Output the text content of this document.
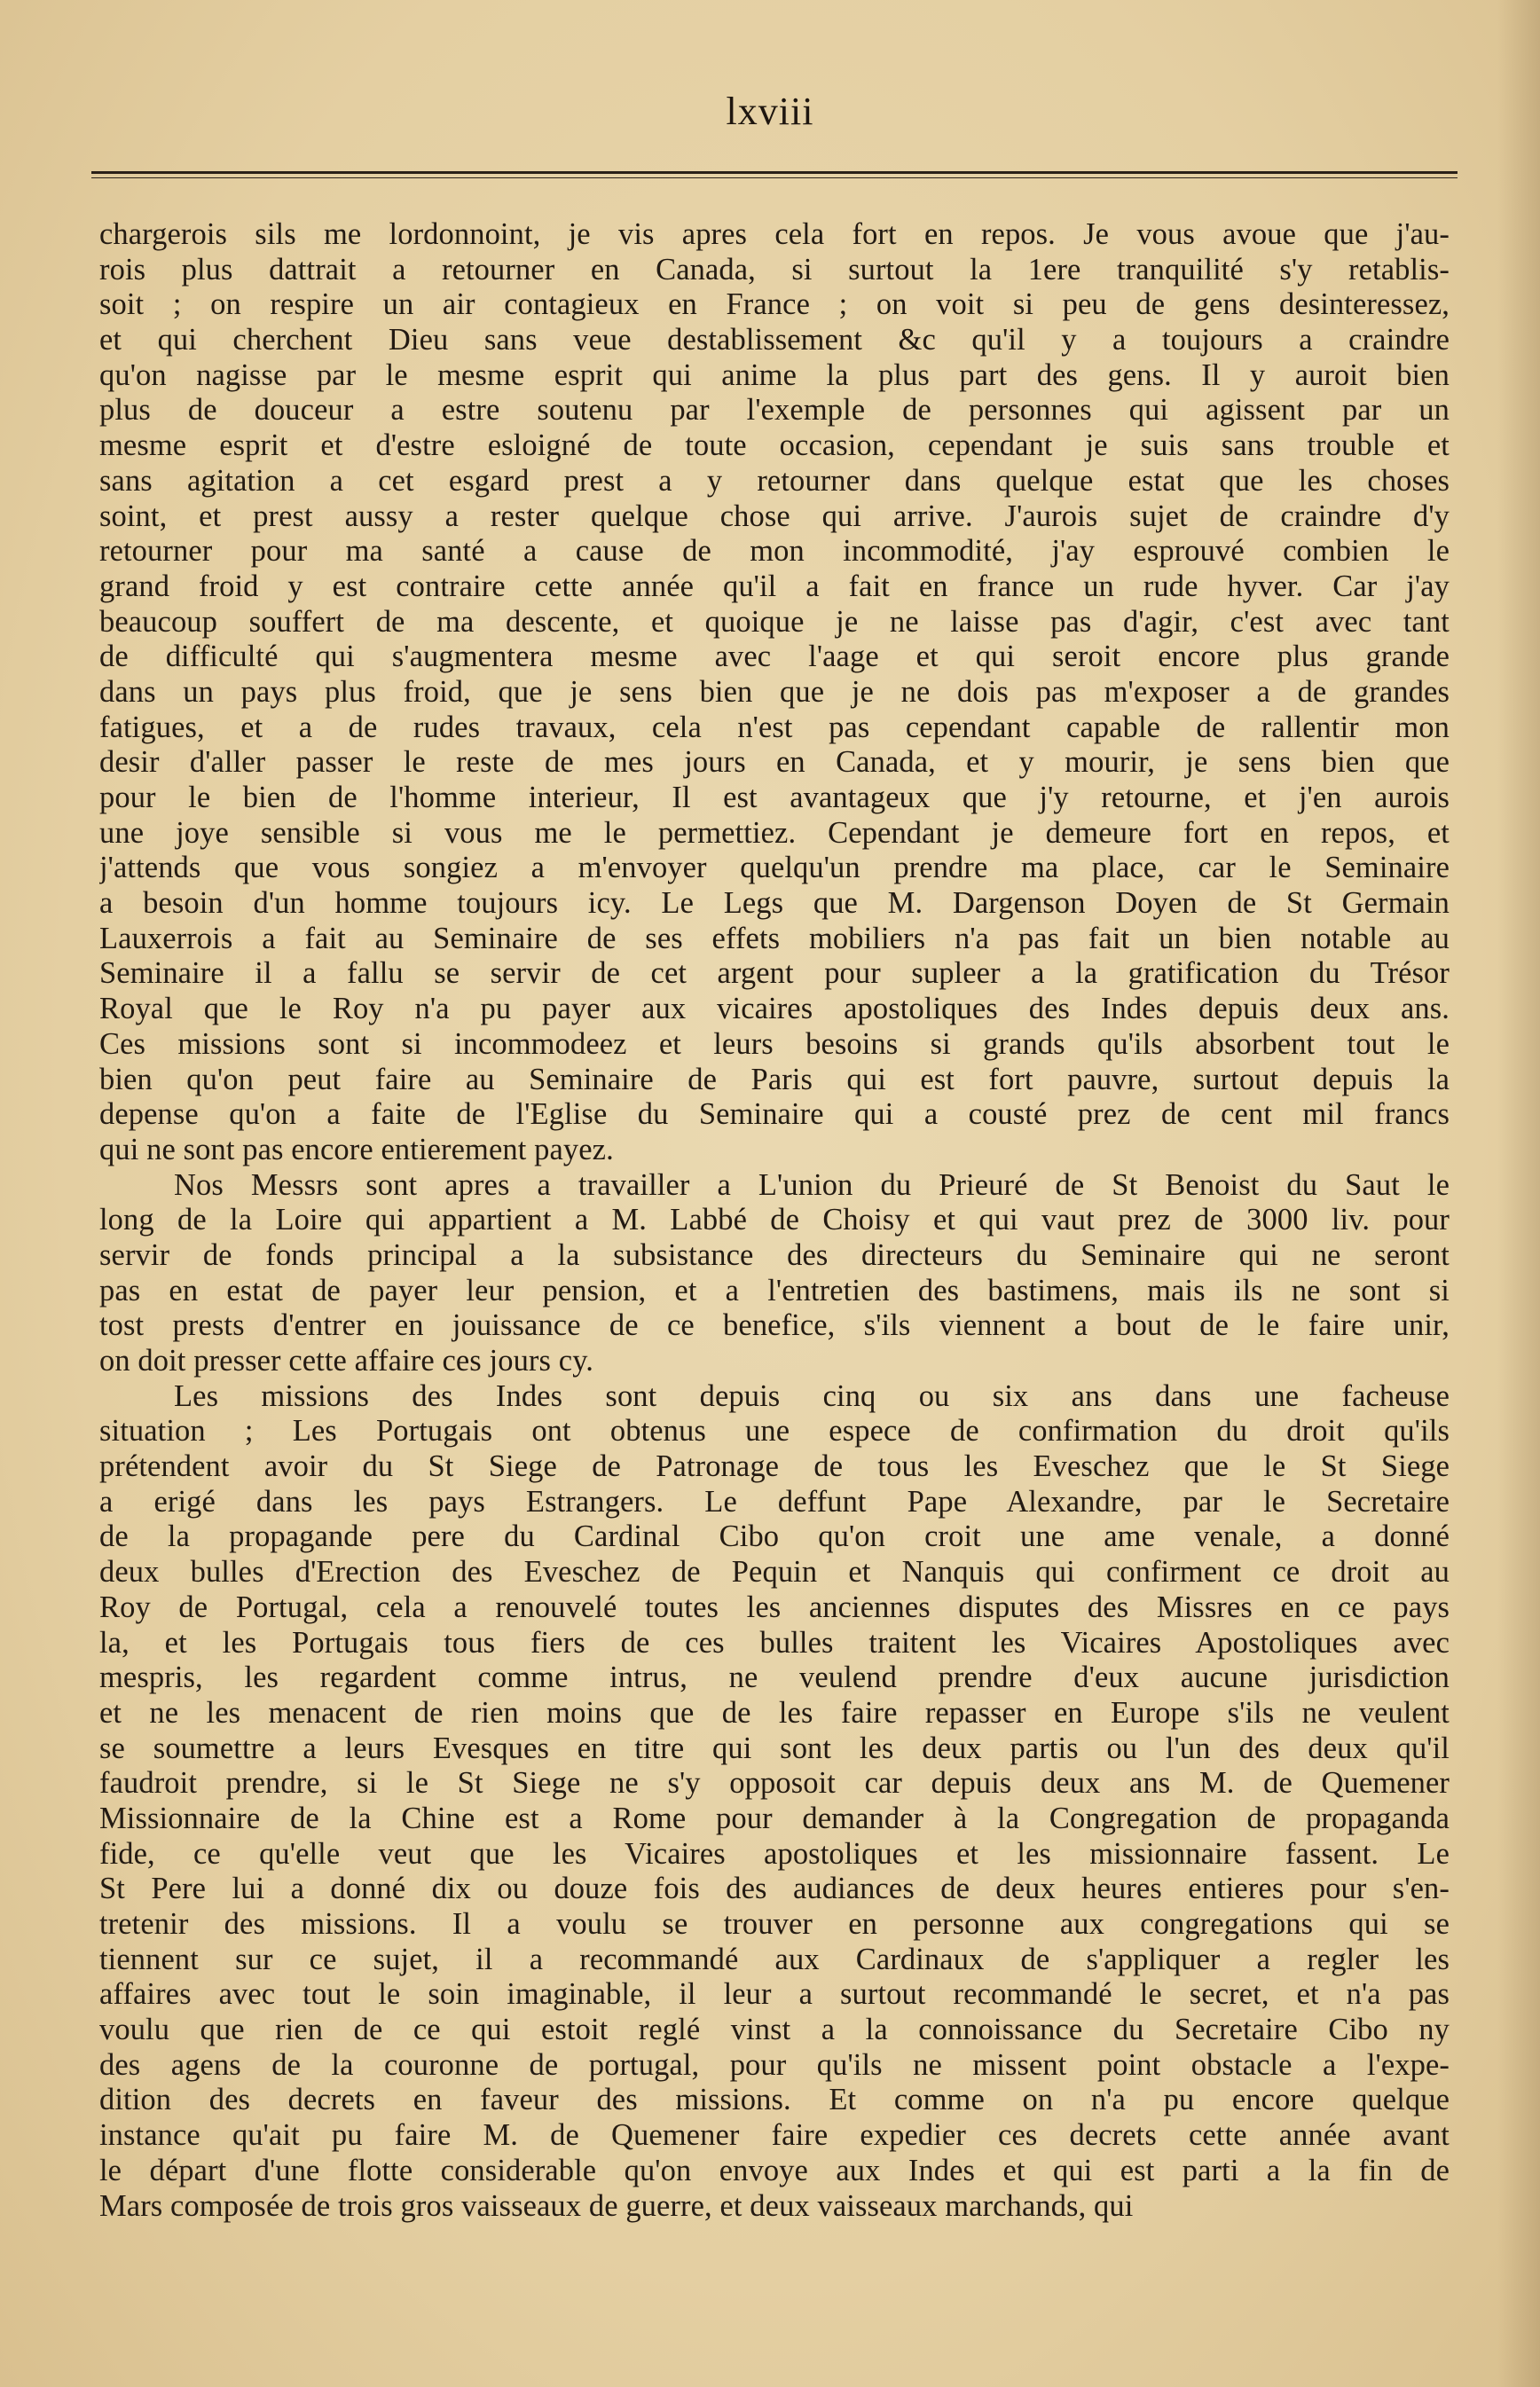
lxviii
chargerois sils me lordonnoint, je vis apres cela fort en repos. Je vous avoue que j'au-
rois plus dattrait a retourner en Canada, si surtout la 1ere tranquilité s'y retablis-
soit ; on respire un air contagieux en France ; on voit si peu de gens desinteressez,
et qui cherchent Dieu sans veue destablissement &c qu'il y a toujours a craindre
qu'on nagisse par le mesme esprit qui anime la plus part des gens. Il y auroit bien
plus de douceur a estre soutenu par l'exemple de personnes qui agissent par un
mesme esprit et d'estre esloigné de toute occasion, cependant je suis sans trouble et
sans agitation a cet esgard prest a y retourner dans quelque estat que les choses
soint, et prest aussy a rester quelque chose qui arrive. J'aurois sujet de craindre d'y
retourner pour ma santé a cause de mon incommodité, j'ay esprouvé combien le
grand froid y est contraire cette année qu'il a fait en france un rude hyver. Car j'ay
beaucoup souffert de ma descente, et quoique je ne laisse pas d'agir, c'est avec tant
de difficulté qui s'augmentera mesme avec l'aage et qui seroit encore plus grande
dans un pays plus froid, que je sens bien que je ne dois pas m'exposer a de grandes
fatigues, et a de rudes travaux, cela n'est pas cependant capable de rallentir mon
desir d'aller passer le reste de mes jours en Canada, et y mourir, je sens bien que
pour le bien de l'homme interieur, Il est avantageux que j'y retourne, et j'en aurois
une joye sensible si vous me le permettiez. Cependant je demeure fort en repos, et
j'attends que vous songiez a m'envoyer quelqu'un prendre ma place, car le Seminaire
a besoin d'un homme toujours icy. Le Legs que M. Dargenson Doyen de St Germain
Lauxerrois a fait au Seminaire de ses effets mobiliers n'a pas fait un bien notable au
Seminaire il a fallu se servir de cet argent pour supleer a la gratification du Trésor
Royal que le Roy n'a pu payer aux vicaires apostoliques des Indes depuis deux ans.
Ces missions sont si incommodeez et leurs besoins si grands qu'ils absorbent tout le
bien qu'on peut faire au Seminaire de Paris qui est fort pauvre, surtout depuis la
depense qu'on a faite de l'Eglise du Seminaire qui a cousté prez de cent mil francs
qui ne sont pas encore entierement payez.
Nos Messrs sont apres a travailler a L'union du Prieuré de St Benoist du Saut le
long de la Loire qui appartient a M. Labbé de Choisy et qui vaut prez de 3000 liv. pour
servir de fonds principal a la subsistance des directeurs du Seminaire qui ne seront
pas en estat de payer leur pension, et a l'entretien des bastimens, mais ils ne sont si
tost prests d'entrer en jouissance de ce benefice, s'ils viennent a bout de le faire unir,
on doit presser cette affaire ces jours cy.
Les missions des Indes sont depuis cinq ou six ans dans une facheuse
situation ; Les Portugais ont obtenus une espece de confirmation du droit qu'ils
prétendent avoir du St Siege de Patronage de tous les Eveschez que le St Siege
a erigé dans les pays Estrangers. Le deffunt Pape Alexandre, par le Secretaire
de la propagande pere du Cardinal Cibo qu'on croit une ame venale, a donné
deux bulles d'Erection des Eveschez de Pequin et Nanquis qui confirment ce droit au
Roy de Portugal, cela a renouvelé toutes les anciennes disputes des Missres en ce pays
la, et les Portugais tous fiers de ces bulles traitent les Vicaires Apostoliques avec
mespris, les regardent comme intrus, ne veulend prendre d'eux aucune jurisdiction
et ne les menacent de rien moins que de les faire repasser en Europe s'ils ne veulent
se soumettre a leurs Evesques en titre qui sont les deux partis ou l'un des deux qu'il
faudroit prendre, si le St Siege ne s'y opposoit car depuis deux ans M. de Quemener
Missionnaire de la Chine est a Rome pour demander à la Congregation de propaganda
fide, ce qu'elle veut que les Vicaires apostoliques et les missionnaire fassent. Le
St Pere lui a donné dix ou douze fois des audiances de deux heures entieres pour s'en-
tretenir des missions. Il a voulu se trouver en personne aux congregations qui se
tiennent sur ce sujet, il a recommandé aux Cardinaux de s'appliquer a regler les
affaires avec tout le soin imaginable, il leur a surtout recommandé le secret, et n'a pas
voulu que rien de ce qui estoit reglé vinst a la connoissance du Secretaire Cibo ny
des agens de la couronne de portugal, pour qu'ils ne missent point obstacle a l'expe-
dition des decrets en faveur des missions. Et comme on n'a pu encore quelque
instance qu'ait pu faire M. de Quemener faire expedier ces decrets cette année avant
le départ d'une flotte considerable qu'on envoye aux Indes et qui est parti a la fin de
Mars composée de trois gros vaisseaux de guerre, et deux vaisseaux marchands, qui
